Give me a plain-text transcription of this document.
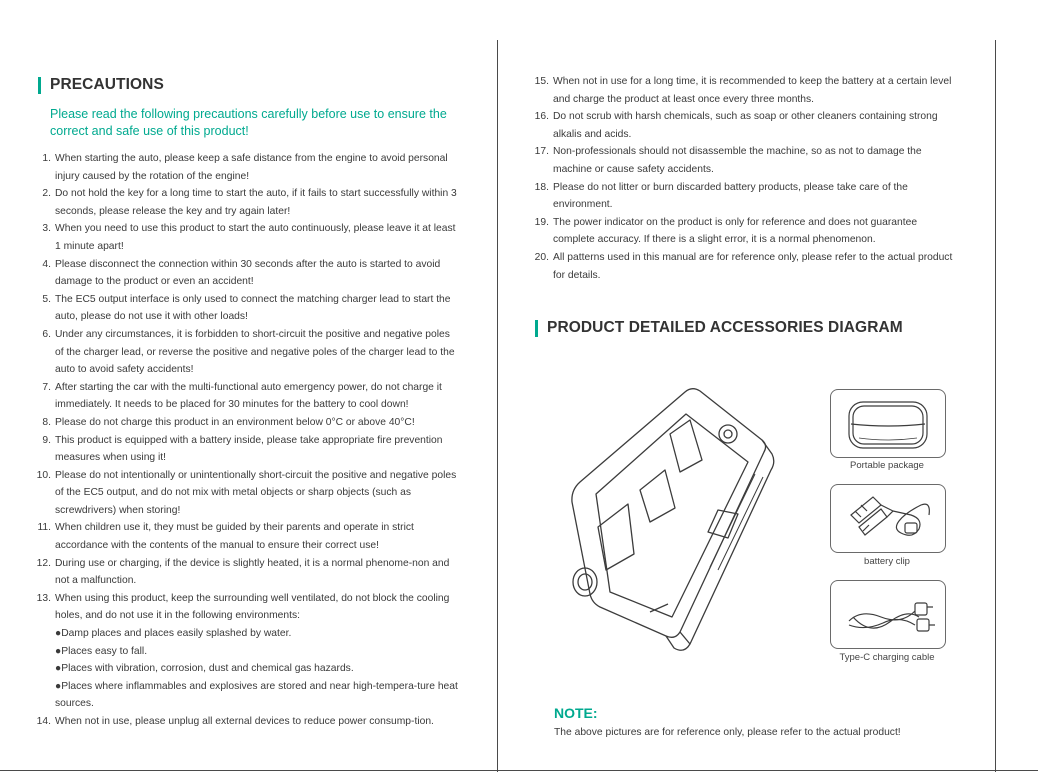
PRECAUTIONS
Please read the following precautions carefully before use to ensure the correct and safe use of this product!
1. When starting the auto, please keep a safe distance from the engine to avoid personal injury caused by the rotation of the engine!
2. Do not hold the key for a long time to start the auto, if it fails to start successfully within 3 seconds, please release the key and try again later!
3. When you need to use this product to start the auto continuously, please leave it at least 1 minute apart!
4. Please disconnect the connection within 30 seconds after the auto is started to avoid damage to the product or even an accident!
5. The EC5 output interface is only used to connect the matching charger lead to start the auto, please do not use it with other loads!
6. Under any circumstances, it is forbidden to short-circuit the positive and negative poles of the charger lead, or reverse the positive and negative poles of the charger lead to the auto to avoid safety accidents!
7. After starting the car with the multi-functional auto emergency power, do not charge it immediately. It needs to be placed for 30 minutes for the battery to cool down!
8. Please do not charge this product in an environment below 0°C or above 40°C!
9. This product is equipped with a battery inside, please take appropriate fire prevention measures when using it!
10. Please do not intentionally or unintentionally short-circuit the positive and negative poles of the EC5 output, and do not mix with metal objects or sharp objects (such as screwdrivers) when storing!
11. When children use it, they must be guided by their parents and operate in strict accordance with the contents of the manual to ensure their correct use!
12. During use or charging, if the device is slightly heated, it is a normal phenome-non and not a malfunction.
13. When using this product, keep the surrounding well ventilated, do not block the cooling holes, and do not use it in the following environments:
●Damp places and places easily splashed by water.
●Places easy to fall.
●Places with vibration, corrosion, dust and chemical gas hazards.
●Places where inflammables and explosives are stored and near high-tempera-ture heat sources.
14. When not in use, please unplug all external devices to reduce power consump-tion.
15. When not in use for a long time, it is recommended to keep the battery at a certain level and charge the product at least once every three months.
16. Do not scrub with harsh chemicals, such as soap or other cleaners containing strong alkalis and acids.
17. Non-professionals should not disassemble the machine, so as not to damage the machine or cause safety accidents.
18. Please do not litter or burn discarded battery products, please take care of the environment.
19. The power indicator on the product is only for reference and does not guarantee complete accuracy. If there is a slight error, it is a normal phenomenon.
20. All patterns used in this manual are for reference only, please refer to the actual product for details.
PRODUCT DETAILED ACCESSORIES DIAGRAM
Portable package
battery clip
Type-C charging cable
NOTE:
The above pictures are for reference only, please refer to the actual product!
